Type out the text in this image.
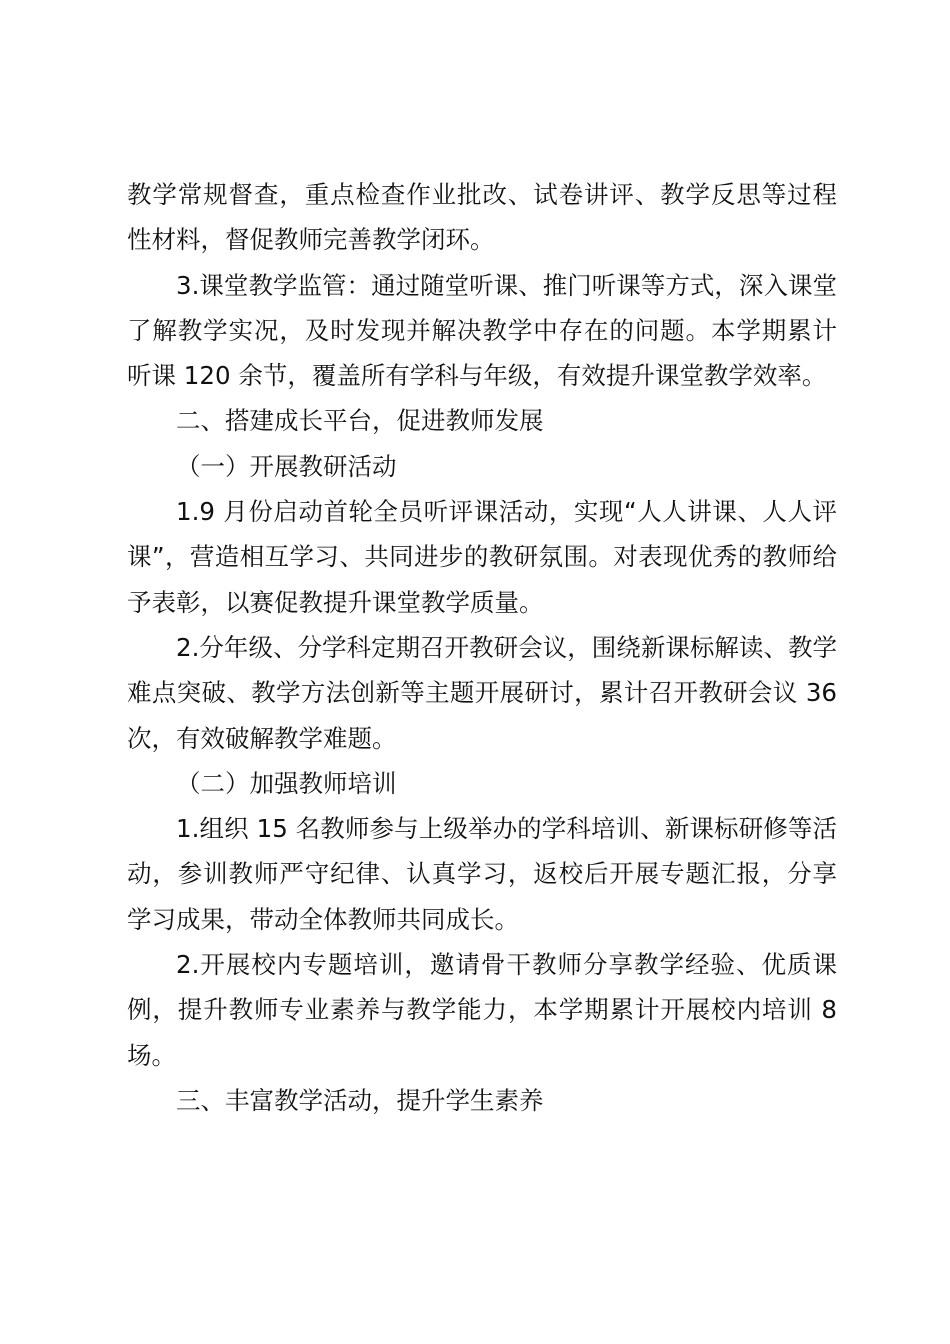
教学常规督查，重点检查作业批改、试卷讲评、教学反思等过程性材料，督促教师完善教学闭环。

3.课堂教学监管：通过随堂听课、推门听课等方式，深入课堂了解教学实况，及时发现并解决教学中存在的问题。本学期累计听课 120 余节，覆盖所有学科与年级，有效提升课堂教学效率。

二、搭建成长平台，促进教师发展

（一）开展教研活动

1.9 月份启动首轮全员听评课活动，实现“人人讲课、人人评课”，营造相互学习、共同进步的教研氛围。对表现优秀的教师给予表彰，以赛促教提升课堂教学质量。

2.分年级、分学科定期召开教研会议，围绕新课标解读、教学难点突破、教学方法创新等主题开展研讨，累计召开教研会议 36 次，有效破解教学难题。

（二）加强教师培训

1.组织 15 名教师参与上级举办的学科培训、新课标研修等活动，参训教师严守纪律、认真学习，返校后开展专题汇报，分享学习成果，带动全体教师共同成长。

2.开展校内专题培训，邀请骨干教师分享教学经验、优质课例，提升教师专业素养与教学能力，本学期累计开展校内培训 8 场。

三、丰富教学活动，提升学生素养
